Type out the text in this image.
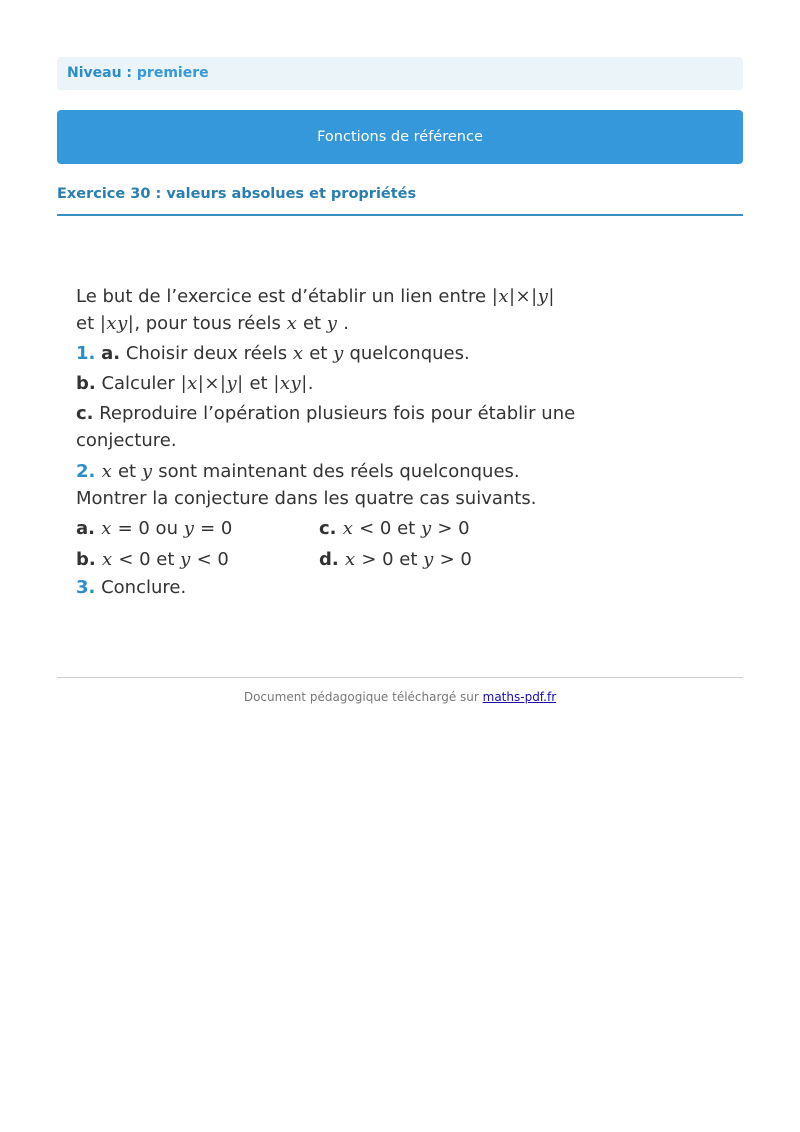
Niveau : premiere
Fonctions de référence
Exercice 30 : valeurs absolues et propriétés
Le but de l’exercice est d’établir un lien entre |x|×|y|
et |xy|, pour tous réels x et y .
1. a. Choisir deux réels x et y quelconques.
b. Calculer |x|×|y| et |xy|.
c. Reproduire l’opération plusieurs fois pour établir une
conjecture.
2. x et y sont maintenant des réels quelconques.
Montrer la conjecture dans les quatre cas suivants.
a. x = 0 ou y = 0	c. x < 0 et y > 0
b. x < 0 et y < 0	d. x > 0 et y > 0
3. Conclure.
Document pédagogique téléchargé sur maths-pdf.fr
